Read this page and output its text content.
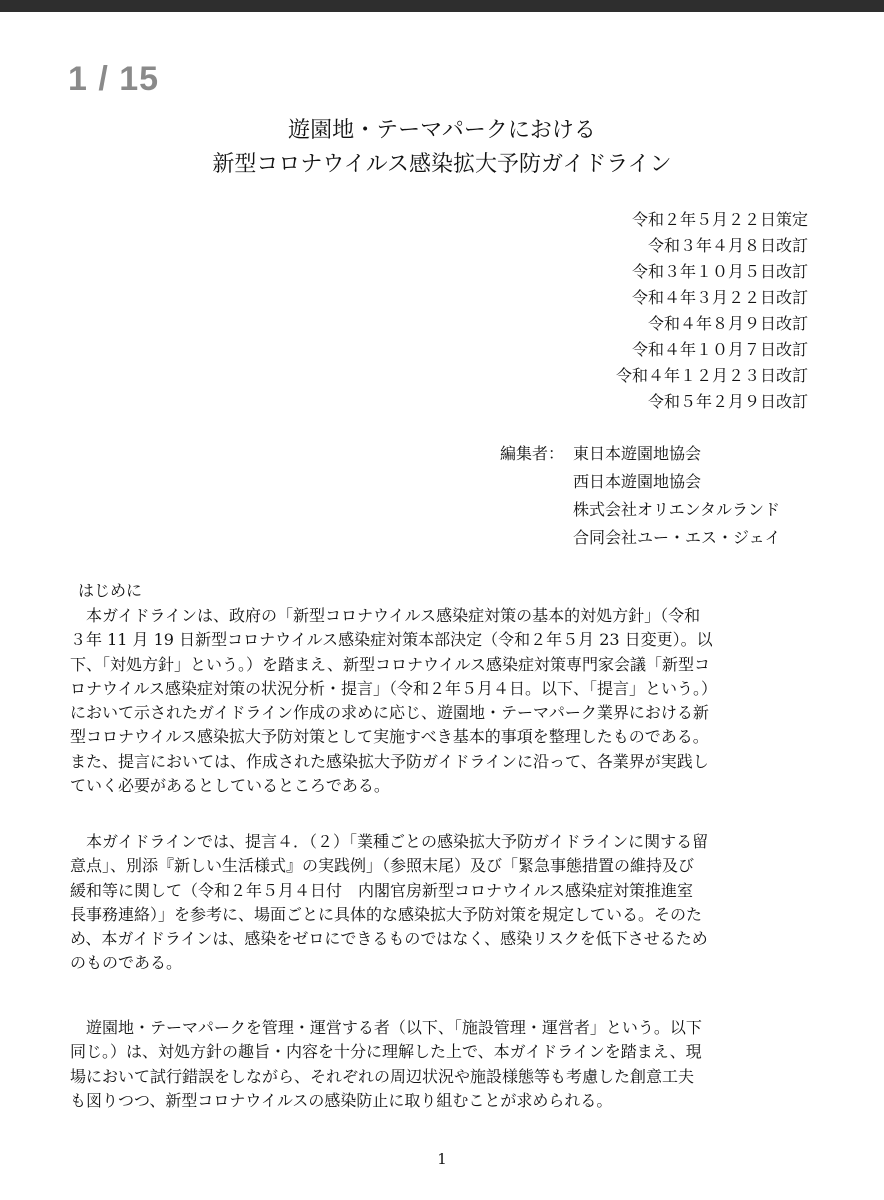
1 / 15
遊園地・テーマパークにおける
新型コロナウイルス感染拡大予防ガイドライン
令和２年５月２２日策定
令和３年４月８日改訂
令和３年１０月５日改訂
令和４年３月２２日改訂
令和４年８月９日改訂
令和４年１０月７日改訂
令和４年１２月２３日改訂
令和５年２月９日改訂
編集者： 東日本遊園地協会
西日本遊園地協会
株式会社オリエンタルランド
合同会社ユー・エス・ジェイ
はじめに
　本ガイドラインは、政府の「新型コロナウイルス感染症対策の基本的対処方針」（令和
３年 11 月 19 日新型コロナウイルス感染症対策本部決定（令和２年５月 23 日変更）。以
下、「対処方針」という。）を踏まえ、新型コロナウイルス感染症対策専門家会議「新型コ
ロナウイルス感染症対策の状況分析・提言」（令和２年５月４日。以下、「提言」という。）
において示されたガイドライン作成の求めに応じ、遊園地・テーマパーク業界における新
型コロナウイルス感染拡大予防対策として実施すべき基本的事項を整理したものである。
また、提言においては、作成された感染拡大予防ガイドラインに沿って、各業界が実践し
ていく必要があるとしているところである。
　本ガイドラインでは、提言４．（２）「業種ごとの感染拡大予防ガイドラインに関する留
意点」、別添『新しい生活様式』の実践例」（参照末尾）及び「緊急事態措置の維持及び
緩和等に関して（令和２年５月４日付　内閣官房新型コロナウイルス感染症対策推進室
長事務連絡）」を参考に、場面ごとに具体的な感染拡大予防対策を規定している。そのた
め、本ガイドラインは、感染をゼロにできるものではなく、感染リスクを低下させるため
のものである。
　遊園地・テーマパークを管理・運営する者（以下、「施設管理・運営者」という。以下
同じ。）は、対処方針の趣旨・内容を十分に理解した上で、本ガイドラインを踏まえ、現
場において試行錯誤をしながら、それぞれの周辺状況や施設様態等も考慮した創意工夫
も図りつつ、新型コロナウイルスの感染防止に取り組むことが求められる。
1
